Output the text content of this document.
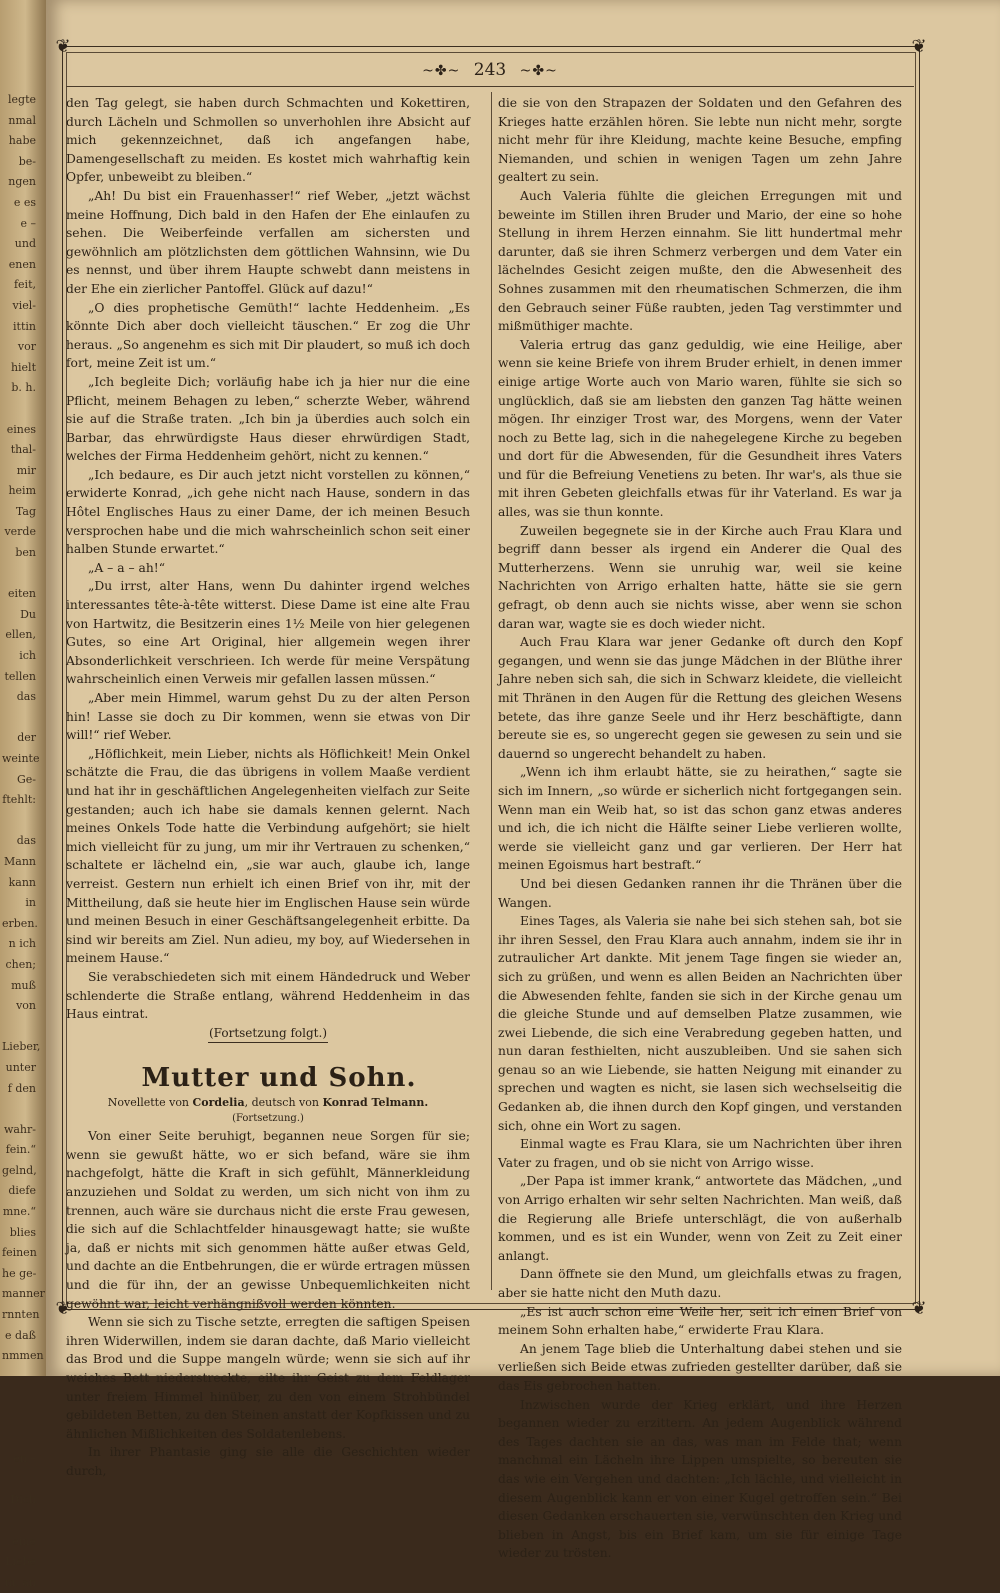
legte
nmal
habe
be-
ngen
e es
e –
und
enen
feit,
viel-
ittin
vor
hielt
b. h.

eines
thal-
mir
heim
Tag
verde
ben

eiten
Du
ellen,
ich
tellen
das

der
weinte
Ge-
ftehlt:

das
Mann
kann
in
erben.
n ich
chen;
muß
von

Lieber,
unter
f den

wahr-
fein.“
gelnd,
diefe
mne.“
blies
feinen
he ge-
manner
rnnten
e daß
nmmen

en –

Dich

eine
Liebe
m, an
❦	❦
❦	❦
~✤~ 243 ~✤~

den Tag gelegt, sie haben durch Schmachten und Kokettiren, durch Lächeln und Schmollen so unverhohlen ihre Absicht auf mich gekennzeichnet, daß ich angefangen habe, Damengesellschaft zu meiden. Es kostet mich wahrhaftig kein Opfer, unbeweibt zu bleiben.“

„Ah! Du bist ein Frauenhasser!“ rief Weber, „jetzt wächst meine Hoffnung, Dich bald in den Hafen der Ehe einlaufen zu sehen. Die Weiberfeinde verfallen am sichersten und gewöhnlich am plötzlichsten dem göttlichen Wahnsinn, wie Du es nennst, und über ihrem Haupte schwebt dann meistens in der Ehe ein zierlicher Pantoffel. Glück auf dazu!“

„O dies prophetische Gemüth!“ lachte Heddenheim. „Es könnte Dich aber doch vielleicht täuschen.“ Er zog die Uhr heraus. „So angenehm es sich mit Dir plaudert, so muß ich doch fort, meine Zeit ist um.“

„Ich begleite Dich; vorläufig habe ich ja hier nur die eine Pflicht, meinem Behagen zu leben,“ scherzte Weber, während sie auf die Straße traten. „Ich bin ja überdies auch solch ein Barbar, das ehrwürdigste Haus dieser ehrwürdigen Stadt, welches der Firma Heddenheim gehört, nicht zu kennen.“

„Ich bedaure, es Dir auch jetzt nicht vorstellen zu können,“ erwiderte Konrad, „ich gehe nicht nach Hause, sondern in das Hôtel Englisches Haus zu einer Dame, der ich meinen Besuch versprochen habe und die mich wahrscheinlich schon seit einer halben Stunde erwartet.“

„A – a – ah!“

„Du irrst, alter Hans, wenn Du dahinter irgend welches interessantes tête-à-tête witterst. Diese Dame ist eine alte Frau von Hartwitz, die Besitzerin eines 1½ Meile von hier gelegenen Gutes, so eine Art Original, hier allgemein wegen ihrer Absonderlichkeit verschrieen. Ich werde für meine Verspätung wahrscheinlich einen Verweis mir gefallen lassen müssen.“

„Aber mein Himmel, warum gehst Du zu der alten Person hin! Lasse sie doch zu Dir kommen, wenn sie etwas von Dir will!“ rief Weber.

„Höflichkeit, mein Lieber, nichts als Höflichkeit! Mein Onkel schätzte die Frau, die das übrigens in vollem Maaße verdient und hat ihr in geschäftlichen Angelegenheiten vielfach zur Seite gestanden; auch ich habe sie damals kennen gelernt. Nach meines Onkels Tode hatte die Verbindung aufgehört; sie hielt mich vielleicht für zu jung, um mir ihr Vertrauen zu schenken,“ schaltete er lächelnd ein, „sie war auch, glaube ich, lange verreist. Gestern nun erhielt ich einen Brief von ihr, mit der Mittheilung, daß sie heute hier im Englischen Hause sein würde und meinen Besuch in einer Geschäftsangelegenheit erbitte. Da sind wir bereits am Ziel. Nun adieu, my boy, auf Wiedersehen in meinem Hause.“

Sie verabschiedeten sich mit einem Händedruck und Weber schlenderte die Straße entlang, während Heddenheim in das Haus eintrat.

(Fortsetzung folgt.)

Mutter und Sohn.

Novellette von Cordelia, deutsch von Konrad Telmann.

(Fortsetzung.)

Von einer Seite beruhigt, begannen neue Sorgen für sie; wenn sie gewußt hätte, wo er sich befand, wäre sie ihm nachgefolgt, hätte die Kraft in sich gefühlt, Männerkleidung anzuziehen und Soldat zu werden, um sich nicht von ihm zu trennen, auch wäre sie durchaus nicht die erste Frau gewesen, die sich auf die Schlachtfelder hinausgewagt hatte; sie wußte ja, daß er nichts mit sich genommen hätte außer etwas Geld, und dachte an die Entbehrungen, die er würde ertragen müssen und die für ihn, der an gewisse Unbequemlichkeiten nicht gewöhnt war, leicht verhängnißvoll werden könnten.

Wenn sie sich zu Tische setzte, erregten die saftigen Speisen ihren Widerwillen, indem sie daran dachte, daß Mario vielleicht das Brod und die Suppe mangeln würde; wenn sie sich auf ihr weiches Bett niederstreckte, eilte ihr Geist zu dem Feldlager unter freiem Himmel hinüber, zu den von einem Strohbündel gebildeten Betten, zu den Steinen anstatt der Kopfkissen und zu ähnlichen Mißlichkeiten des Soldatenlebens.

In ihrer Phantasie ging sie alle die Geschichten wieder durch,

die sie von den Strapazen der Soldaten und den Gefahren des Krieges hatte erzählen hören. Sie lebte nun nicht mehr, sorgte nicht mehr für ihre Kleidung, machte keine Besuche, empfing Niemanden, und schien in wenigen Tagen um zehn Jahre gealtert zu sein.

Auch Valeria fühlte die gleichen Erregungen mit und beweinte im Stillen ihren Bruder und Mario, der eine so hohe Stellung in ihrem Herzen einnahm. Sie litt hundertmal mehr darunter, daß sie ihren Schmerz verbergen und dem Vater ein lächelndes Gesicht zeigen mußte, den die Abwesenheit des Sohnes zusammen mit den rheumatischen Schmerzen, die ihm den Gebrauch seiner Füße raubten, jeden Tag verstimmter und mißmüthiger machte.

Valeria ertrug das ganz geduldig, wie eine Heilige, aber wenn sie keine Briefe von ihrem Bruder erhielt, in denen immer einige artige Worte auch von Mario waren, fühlte sie sich so unglücklich, daß sie am liebsten den ganzen Tag hätte weinen mögen. Ihr einziger Trost war, des Morgens, wenn der Vater noch zu Bette lag, sich in die nahegelegene Kirche zu begeben und dort für die Abwesenden, für die Gesundheit ihres Vaters und für die Befreiung Venetiens zu beten. Ihr war's, als thue sie mit ihren Gebeten gleichfalls etwas für ihr Vaterland. Es war ja alles, was sie thun konnte.

Zuweilen begegnete sie in der Kirche auch Frau Klara und begriff dann besser als irgend ein Anderer die Qual des Mutterherzens. Wenn sie unruhig war, weil sie keine Nachrichten von Arrigo erhalten hatte, hätte sie sie gern gefragt, ob denn auch sie nichts wisse, aber wenn sie schon daran war, wagte sie es doch wieder nicht.

Auch Frau Klara war jener Gedanke oft durch den Kopf gegangen, und wenn sie das junge Mädchen in der Blüthe ihrer Jahre neben sich sah, die sich in Schwarz kleidete, die vielleicht mit Thränen in den Augen für die Rettung des gleichen Wesens betete, das ihre ganze Seele und ihr Herz beschäftigte, dann bereute sie es, so ungerecht gegen sie gewesen zu sein und sie dauernd so ungerecht behandelt zu haben.

„Wenn ich ihm erlaubt hätte, sie zu heirathen,“ sagte sie sich im Innern, „so würde er sicherlich nicht fortgegangen sein. Wenn man ein Weib hat, so ist das schon ganz etwas anderes und ich, die ich nicht die Hälfte seiner Liebe verlieren wollte, werde sie vielleicht ganz und gar verlieren. Der Herr hat meinen Egoismus hart bestraft.“

Und bei diesen Gedanken rannen ihr die Thränen über die Wangen.

Eines Tages, als Valeria sie nahe bei sich stehen sah, bot sie ihr ihren Sessel, den Frau Klara auch annahm, indem sie ihr in zutraulicher Art dankte. Mit jenem Tage fingen sie wieder an, sich zu grüßen, und wenn es allen Beiden an Nachrichten über die Abwesenden fehlte, fanden sie sich in der Kirche genau um die gleiche Stunde und auf demselben Platze zusammen, wie zwei Liebende, die sich eine Verabredung gegeben hatten, und nun daran festhielten, nicht auszubleiben. Und sie sahen sich genau so an wie Liebende, sie hatten Neigung mit einander zu sprechen und wagten es nicht, sie lasen sich wechselseitig die Gedanken ab, die ihnen durch den Kopf gingen, und verstanden sich, ohne ein Wort zu sagen.

Einmal wagte es Frau Klara, sie um Nachrichten über ihren Vater zu fragen, und ob sie nicht von Arrigo wisse.

„Der Papa ist immer krank,“ antwortete das Mädchen, „und von Arrigo erhalten wir sehr selten Nachrichten. Man weiß, daß die Regierung alle Briefe unterschlägt, die von außerhalb kommen, und es ist ein Wunder, wenn von Zeit zu Zeit einer anlangt.

Dann öffnete sie den Mund, um gleichfalls etwas zu fragen, aber sie hatte nicht den Muth dazu.

„Es ist auch schon eine Weile her, seit ich einen Brief von meinem Sohn erhalten habe,“ erwiderte Frau Klara.

An jenem Tage blieb die Unterhaltung dabei stehen und sie verließen sich Beide etwas zufrieden gestellter darüber, daß sie das Eis gebrochen hatten.

Inzwischen wurde der Krieg erklärt, und ihre Herzen begannen wieder zu erzittern. An jedem Augenblick während des Tages dachten sie an das, was man im Felde that; wenn manchmal ein Lächeln ihre Lippen umspielte, so bereuten sie das wie ein Vergehen und dachten: „Ich lächle, und vielleicht in diesem Augenblick kann er von einer Kugel getroffen sein.“ Bei diesen Gedanken erschauerten sie, verwünschten den Krieg und blieben in Angst, bis ein Brief kam, um sie für einige Tage wieder zu trösten.
